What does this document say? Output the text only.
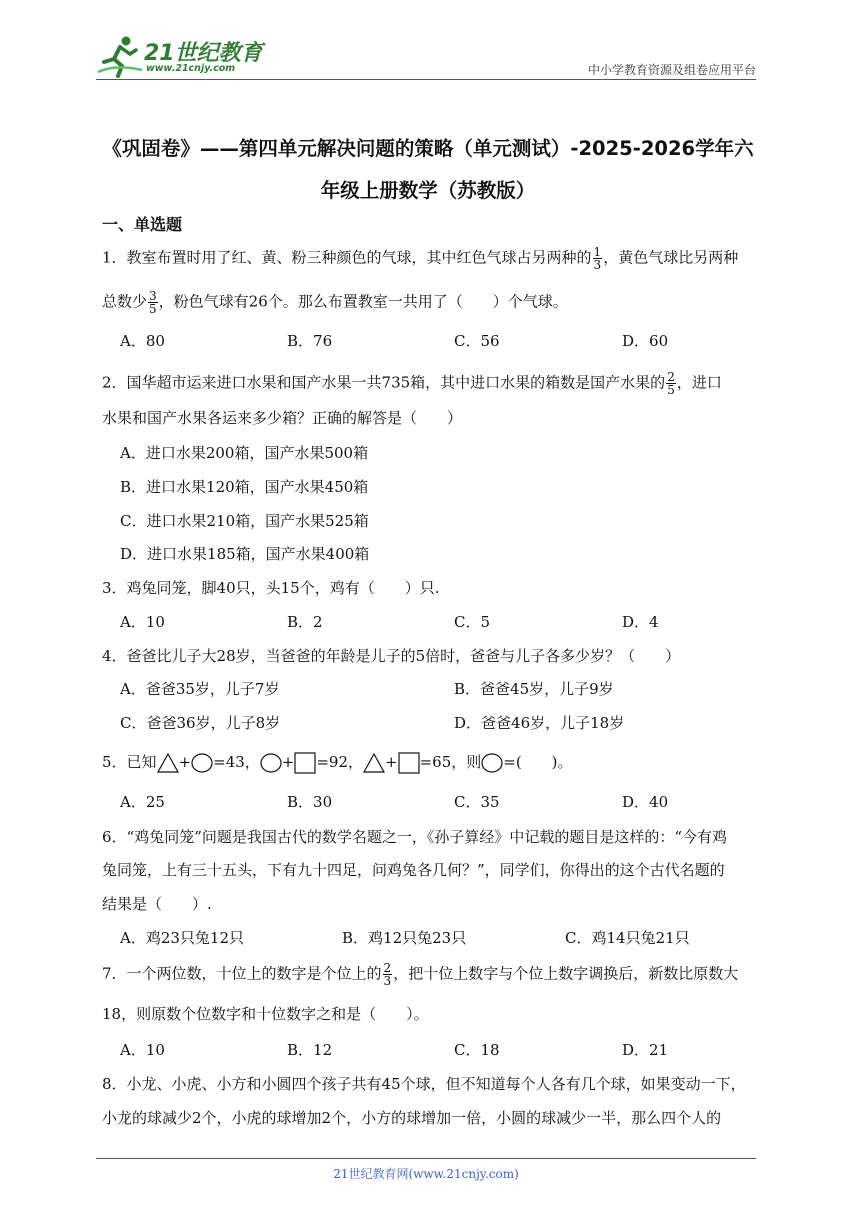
21世纪教育
www.21cnjy.com	中小学教育资源及组卷应用平台
《巩固卷》——第四单元解决问题的策略（单元测试）-2025-2026学年六
年级上册数学（苏教版）
一、单选题
1．教室布置时用了红、黄、粉三种颜色的气球，其中红色气球占另两种的 $\frac{1}{3}$ ，黄色气球比另两种
总数少 $\frac{3}{5}$ ，粉色气球有26个。那么布置教室一共用了（　　）个气球。
A．80	B．76	C．56	D．60
2．国华超市运来进口水果和国产水果一共735箱，其中进口水果的箱数是国产水果的 $\frac{2}{5}$ ，进口
水果和国产水果各运来多少箱？正确的解答是（　　）
A．进口水果200箱，国产水果500箱
B．进口水果120箱，国产水果450箱
C．进口水果210箱，国产水果525箱
D．进口水果185箱，国产水果400箱
3．鸡兔同笼，脚40只，头15个，鸡有（　　）只.
A．10	B．2	C．5	D．4
4．爸爸比儿子大28岁，当爸爸的年龄是儿子的5倍时，爸爸与儿子各多少岁？（　　）
A．爸爸35岁，儿子7岁	B．爸爸45岁，儿子9岁
C．爸爸36岁，儿子8岁	D．爸爸46岁，儿子18岁
5．已知 + =43， + =92， + =65，则 =(　　)。
A．25	B．30	C．35	D．40
6．“鸡兔同笼”问题是我国古代的数学名题之一，《孙子算经》中记载的题目是这样的：“今有鸡
兔同笼，上有三十五头，下有九十四足，问鸡兔各几何？”，同学们，你得出的这个古代名题的
结果是（　　）.
A．鸡23只兔12只	B．鸡12只兔23只	C．鸡14只兔21只
7．一个两位数，十位上的数字是个位上的 $\frac{2}{3}$ ，把十位上数字与个位上数字调换后，新数比原数大
18，则原数个位数字和十位数字之和是（　　）。
A．10	B．12	C．18	D．21
8．小龙、小虎、小方和小圆四个孩子共有45个球，但不知道每个人各有几个球，如果变动一下，
小龙的球减少2个，小虎的球增加2个，小方的球增加一倍，小圆的球减少一半，那么四个人的
21世纪教育网(www.21cnjy.com)
